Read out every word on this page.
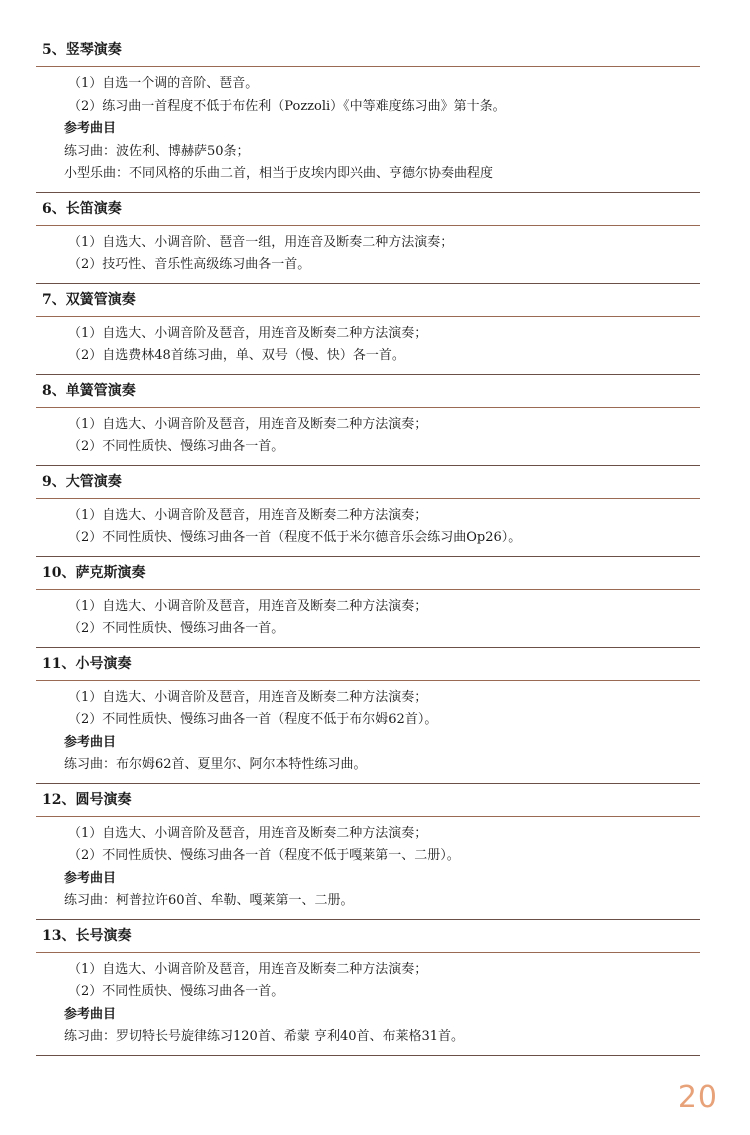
5、竖琴演奏
（1）自选一个调的音阶、琶音。
（2）练习曲一首程度不低于布佐利（Pozzoli）《中等难度练习曲》第十条。
参考曲目
练习曲：波佐利、博赫萨50条；
小型乐曲：不同风格的乐曲二首，相当于皮埃内即兴曲、亨德尔协奏曲程度
6、长笛演奏
（1）自选大、小调音阶、琶音一组，用连音及断奏二种方法演奏；
（2）技巧性、音乐性高级练习曲各一首。
7、双簧管演奏
（1）自选大、小调音阶及琶音，用连音及断奏二种方法演奏；
（2）自选费林48首练习曲，单、双号（慢、快）各一首。
8、单簧管演奏
（1）自选大、小调音阶及琶音，用连音及断奏二种方法演奏；
（2）不同性质快、慢练习曲各一首。
9、大管演奏
（1）自选大、小调音阶及琶音，用连音及断奏二种方法演奏；
（2）不同性质快、慢练习曲各一首（程度不低于米尔德音乐会练习曲Op26）。
10、萨克斯演奏
（1）自选大、小调音阶及琶音，用连音及断奏二种方法演奏；
（2）不同性质快、慢练习曲各一首。
11、小号演奏
（1）自选大、小调音阶及琶音，用连音及断奏二种方法演奏；
（2）不同性质快、慢练习曲各一首（程度不低于布尔姆62首）。
参考曲目
练习曲：布尔姆62首、夏里尔、阿尔本特性练习曲。
12、圆号演奏
（1）自选大、小调音阶及琶音，用连音及断奏二种方法演奏；
（2）不同性质快、慢练习曲各一首（程度不低于嘎莱第一、二册）。
参考曲目
练习曲：柯普拉许60首、牟勒、嘎莱第一、二册。
13、长号演奏
（1）自选大、小调音阶及琶音，用连音及断奏二种方法演奏；
（2）不同性质快、慢练习曲各一首。
参考曲目
练习曲：罗切特长号旋律练习120首、希蒙 亨利40首、布莱格31首。
20
